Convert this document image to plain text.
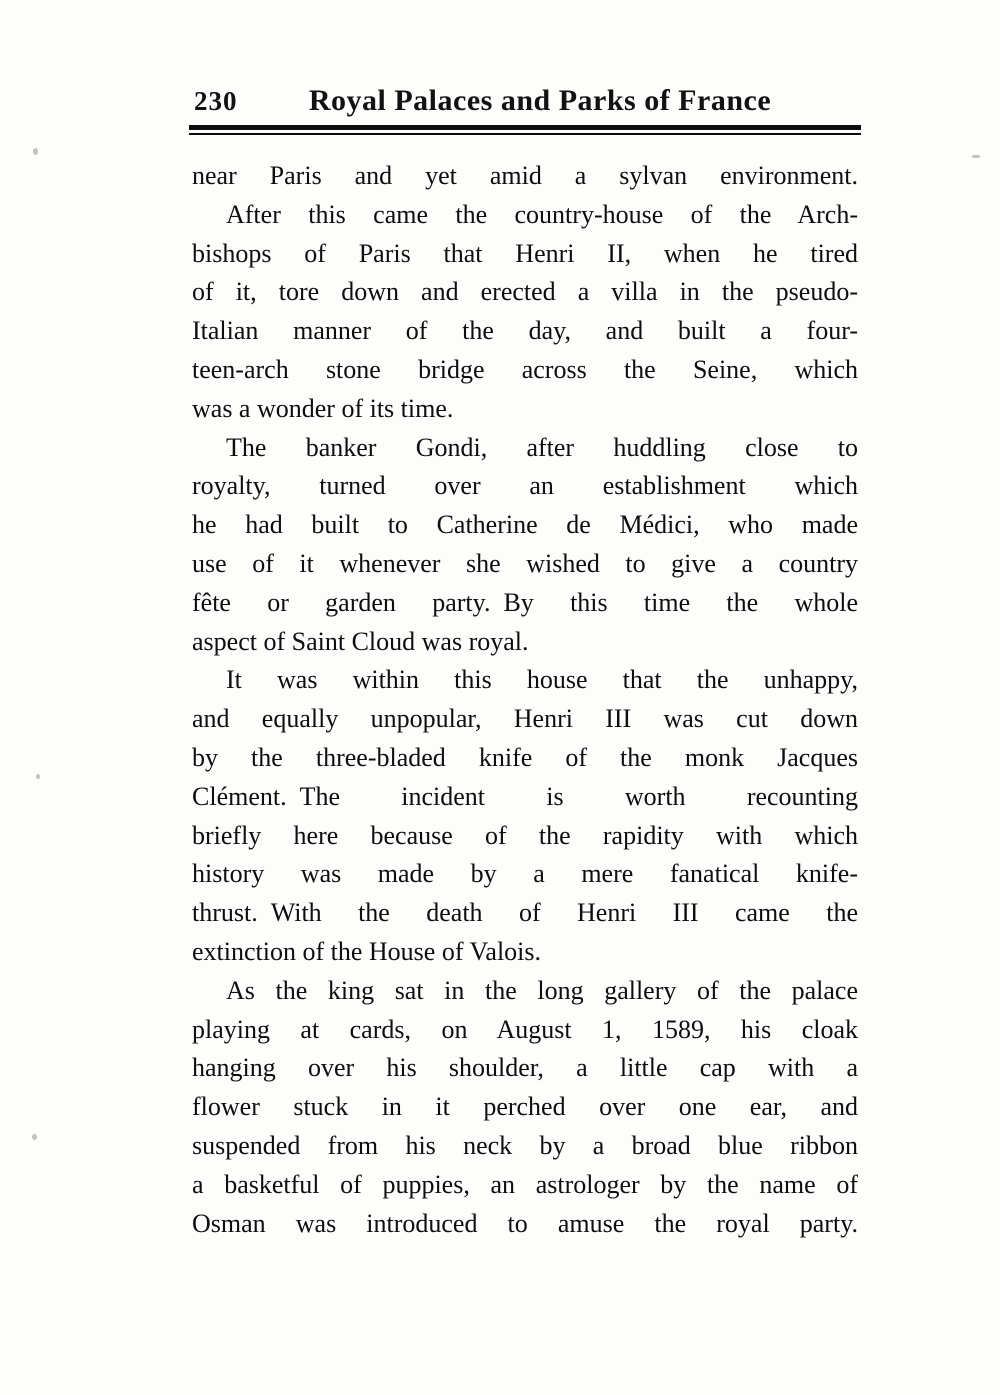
230	Royal Palaces and Parks of France
near Paris and yet amid a sylvan environment.
After this came the country-house of the Arch-
bishops of Paris that Henri II, when he tired
of it, tore down and erected a villa in the pseudo-
Italian manner of the day, and built a four-
teen-arch stone bridge across the Seine, which
was a wonder of its time.
The banker Gondi, after huddling close to
royalty, turned over an establishment which
he had built to Catherine de Médici, who made
use of it whenever she wished to give a country
fête or garden party. By this time the whole
aspect of Saint Cloud was royal.
It was within this house that the unhappy,
and equally unpopular, Henri III was cut down
by the three-bladed knife of the monk Jacques
Clément. The incident is worth recounting
briefly here because of the rapidity with which
history was made by a mere fanatical knife-
thrust. With the death of Henri III came the
extinction of the House of Valois.
As the king sat in the long gallery of the palace
playing at cards, on August 1, 1589, his cloak
hanging over his shoulder, a little cap with a
flower stuck in it perched over one ear, and
suspended from his neck by a broad blue ribbon
a basketful of puppies, an astrologer by the name of
Osman was introduced to amuse the royal party.
